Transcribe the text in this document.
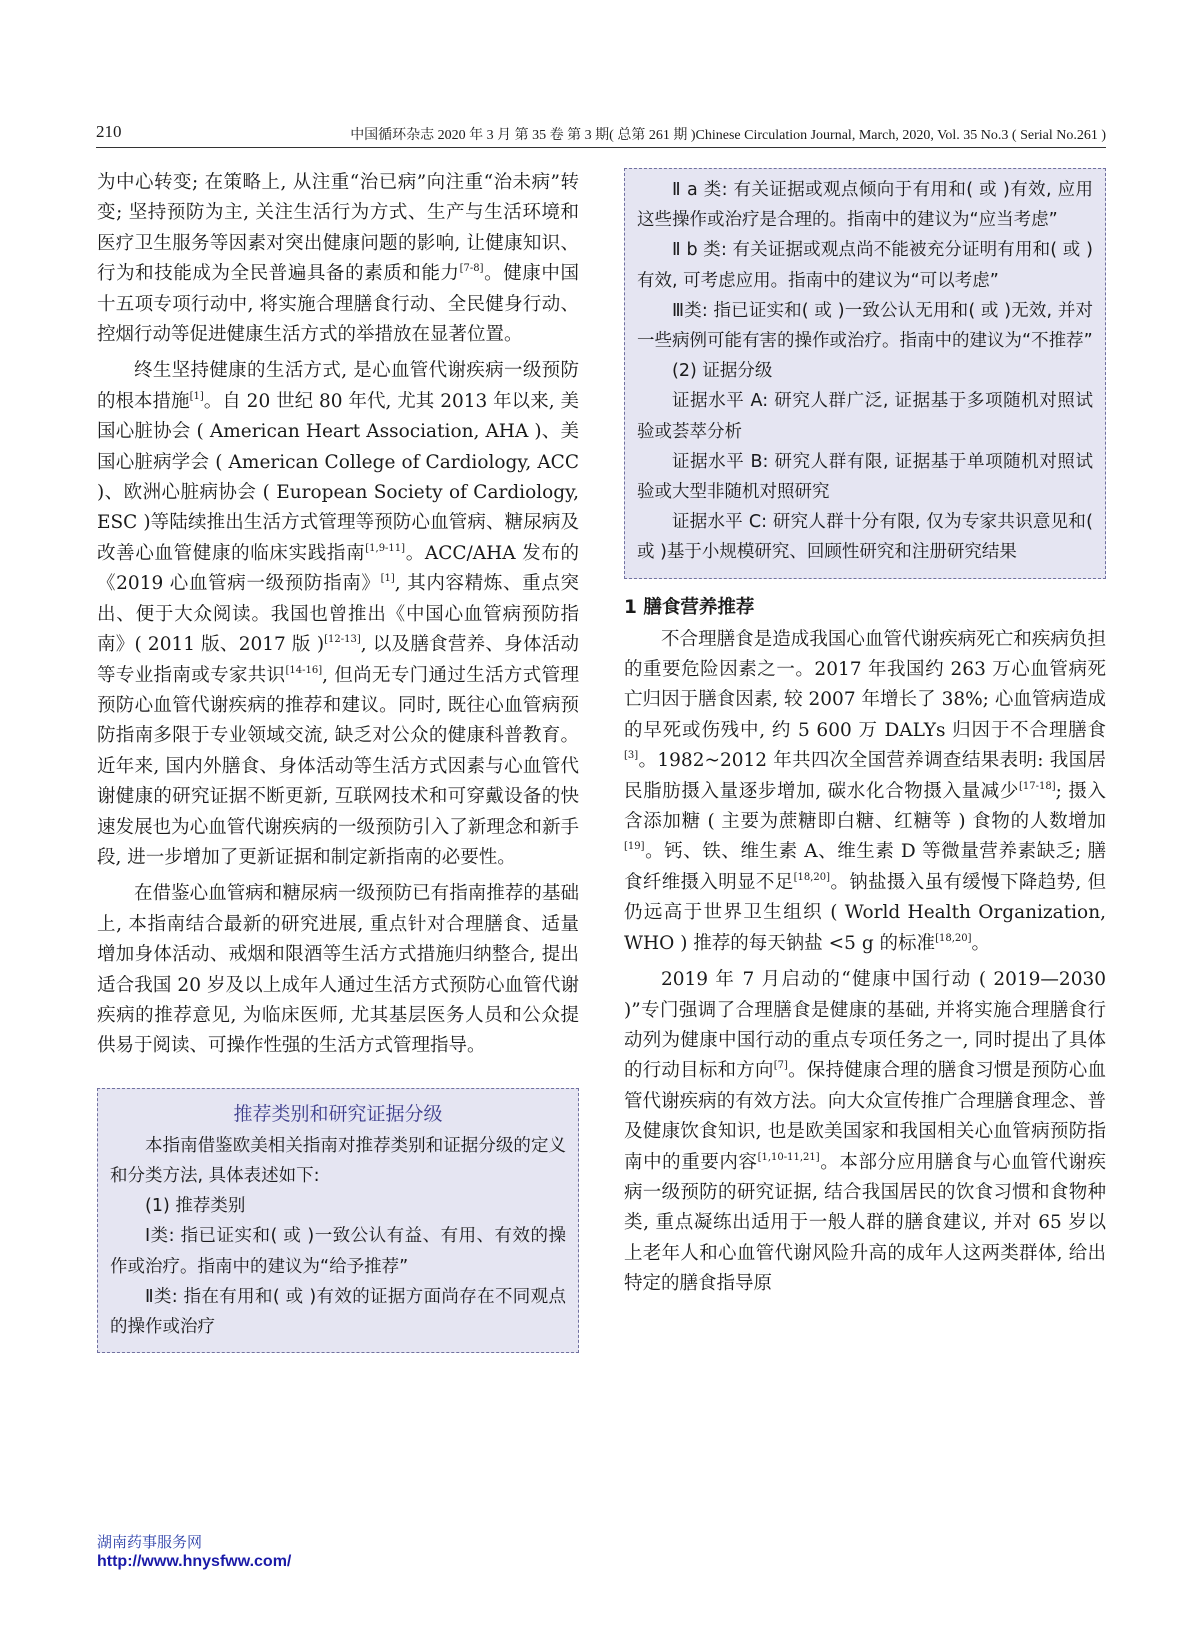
210	中国循环杂志 2020 年 3 月 第 35 卷 第 3 期( 总第 261 期 )Chinese Circulation Journal, March, 2020, Vol. 35 No.3 ( Serial No.261 )

为中心转变; 在策略上, 从注重“治已病”向注重“治未病”转变; 坚持预防为主, 关注生活行为方式、生产与生活环境和医疗卫生服务等因素对突出健康问题的影响, 让健康知识、行为和技能成为全民普遍具备的素质和能力[7-8]。健康中国十五项专项行动中, 将实施合理膳食行动、全民健身行动、控烟行动等促进健康生活方式的举措放在显著位置。

终生坚持健康的生活方式, 是心血管代谢疾病一级预防的根本措施[1]。自 20 世纪 80 年代, 尤其 2013 年以来, 美国心脏协会 ( American Heart Association, AHA )、美国心脏病学会 ( American College of Cardiology, ACC )、欧洲心脏病协会 ( European Society of Cardiology, ESC )等陆续推出生活方式管理等预防心血管病、糖尿病及改善心血管健康的临床实践指南[1,9-11]。ACC/AHA 发布的《2019 心血管病一级预防指南》[1], 其内容精炼、重点突出、便于大众阅读。我国也曾推出《中国心血管病预防指南》( 2011 版、2017 版 )[12-13], 以及膳食营养、身体活动等专业指南或专家共识[14-16], 但尚无专门通过生活方式管理预防心血管代谢疾病的推荐和建议。同时, 既往心血管病预防指南多限于专业领域交流, 缺乏对公众的健康科普教育。近年来, 国内外膳食、身体活动等生活方式因素与心血管代谢健康的研究证据不断更新, 互联网技术和可穿戴设备的快速发展也为心血管代谢疾病的一级预防引入了新理念和新手段, 进一步增加了更新证据和制定新指南的必要性。

在借鉴心血管病和糖尿病一级预防已有指南推荐的基础上, 本指南结合最新的研究进展, 重点针对合理膳食、适量增加身体活动、戒烟和限酒等生活方式措施归纳整合, 提出适合我国 20 岁及以上成年人通过生活方式预防心血管代谢疾病的推荐意见, 为临床医师, 尤其基层医务人员和公众提供易于阅读、可操作性强的生活方式管理指导。

推荐类别和研究证据分级

本指南借鉴欧美相关指南对推荐类别和证据分级的定义和分类方法, 具体表述如下:

(1) 推荐类别

Ⅰ类: 指已证实和( 或 )一致公认有益、有用、有效的操作或治疗。指南中的建议为“给予推荐”

Ⅱ类: 指在有用和( 或 )有效的证据方面尚存在不同观点的操作或治疗

Ⅱ a 类: 有关证据或观点倾向于有用和( 或 )有效, 应用这些操作或治疗是合理的。指南中的建议为“应当考虑”

Ⅱ b 类: 有关证据或观点尚不能被充分证明有用和( 或 )有效, 可考虑应用。指南中的建议为“可以考虑”

Ⅲ类: 指已证实和( 或 )一致公认无用和( 或 )无效, 并对一些病例可能有害的操作或治疗。指南中的建议为“不推荐”

(2) 证据分级

证据水平 A: 研究人群广泛, 证据基于多项随机对照试验或荟萃分析

证据水平 B: 研究人群有限, 证据基于单项随机对照试验或大型非随机对照研究

证据水平 C: 研究人群十分有限, 仅为专家共识意见和( 或 )基于小规模研究、回顾性研究和注册研究结果

1 膳食营养推荐

不合理膳食是造成我国心血管代谢疾病死亡和疾病负担的重要危险因素之一。2017 年我国约 263 万心血管病死亡归因于膳食因素, 较 2007 年增长了 38%; 心血管病造成的早死或伤残中, 约 5 600 万 DALYs 归因于不合理膳食[3]。1982~2012 年共四次全国营养调查结果表明: 我国居民脂肪摄入量逐步增加, 碳水化合物摄入量减少[17-18]; 摄入含添加糖 ( 主要为蔗糖即白糖、红糖等 ) 食物的人数增加[19]。钙、铁、维生素 A、维生素 D 等微量营养素缺乏; 膳食纤维摄入明显不足[18,20]。钠盐摄入虽有缓慢下降趋势, 但仍远高于世界卫生组织 ( World Health Organization, WHO ) 推荐的每天钠盐 <5 g 的标准[18,20]。

2019 年 7 月启动的“健康中国行动 ( 2019—2030 )”专门强调了合理膳食是健康的基础, 并将实施合理膳食行动列为健康中国行动的重点专项任务之一, 同时提出了具体的行动目标和方向[7]。保持健康合理的膳食习惯是预防心血管代谢疾病的有效方法。向大众宣传推广合理膳食理念、普及健康饮食知识, 也是欧美国家和我国相关心血管病预防指南中的重要内容[1,10-11,21]。本部分应用膳食与心血管代谢疾病一级预防的研究证据, 结合我国居民的饮食习惯和食物种类, 重点凝练出适用于一般人群的膳食建议, 并对 65 岁以上老年人和心血管代谢风险升高的成年人这两类群体, 给出特定的膳食指导原

湖南药事服务网
http://www.hnysfww.com/
